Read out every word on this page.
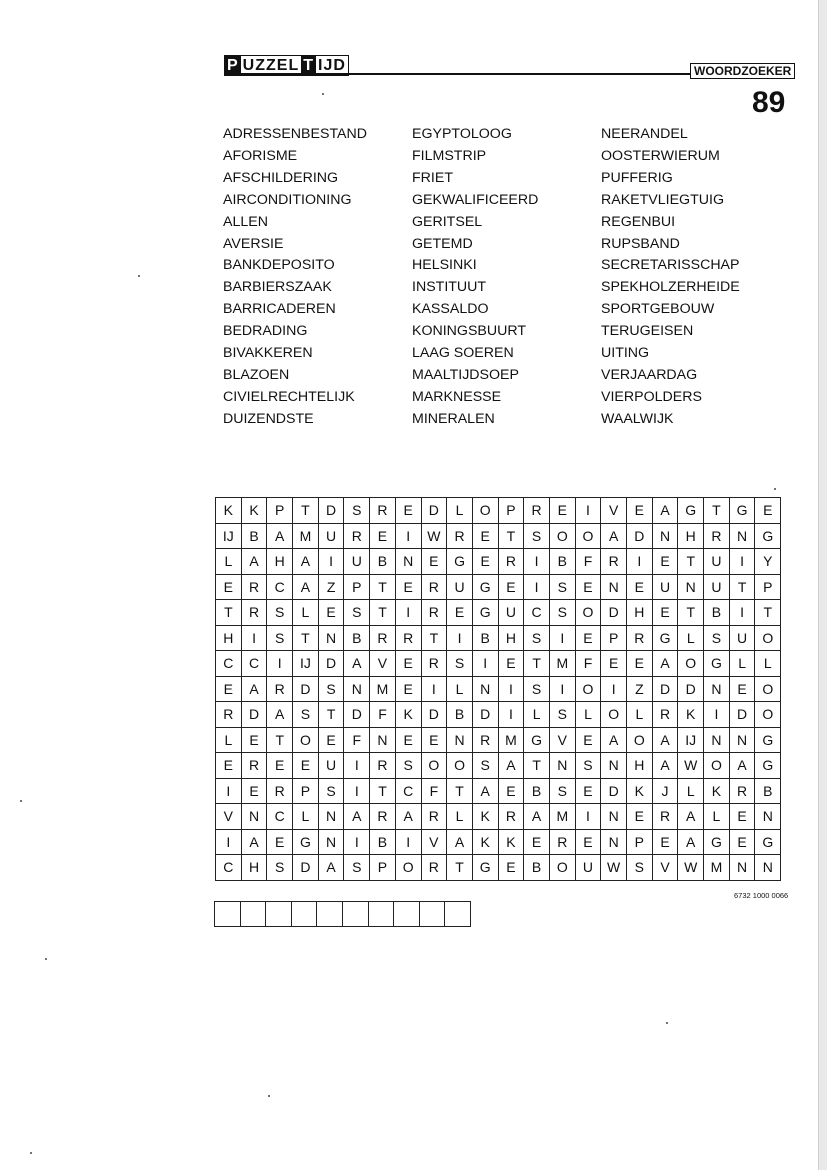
P UZZEL T IJD	WOORDZOEKER
89
ADRESSENBESTAND
AFORISME
AFSCHILDERING
AIRCONDITIONING
ALLEN
AVERSIE
BANKDEPOSITO
BARBIERSZAAK
BARRICADEREN
BEDRADING
BIVAKKEREN
BLAZOEN
CIVIELRECHTELIJK
DUIZENDSTE
EGYPTOLOOG
FILMSTRIP
FRIET
GEKWALIFICEERD
GERITSEL
GETEMD
HELSINKI
INSTITUUT
KASSALDO
KONINGSBUURT
LAAG SOEREN
MAALTIJDSOEP
MARKNESSE
MINERALEN
NEERANDEL
OOSTERWIERUM
PUFFERIG
RAKETVLIEGTUIG
REGENBUI
RUPSBAND
SECRETARISSCHAP
SPEKHOLZERHEIDE
SPORTGEBOUW
TERUGEISEN
UITING
VERJAARDAG
VIERPOLDERS
WAALWIJK
K	K	P	T	D	S	R	E	D	L	O	P	R	E	I	V	E	A	G	T	G	E
IJ	B	A	M	U	R	E	I	W	R	E	T	S	O	O	A	D	N	H	R	N	G
L	A	H	A	I	U	B	N	E	G	E	R	I	B	F	R	I	E	T	U	I	Y
E	R	C	A	Z	P	T	E	R	U	G	E	I	S	E	N	E	U	N	U	T	P
T	R	S	L	E	S	T	I	R	E	G	U	C	S	O	D	H	E	T	B	I	T
H	I	S	T	N	B	R	R	T	I	B	H	S	I	E	P	R	G	L	S	U	O
C	C	I	IJ	D	A	V	E	R	S	I	E	T	M	F	E	E	A	O	G	L	L
E	A	R	D	S	N	M	E	I	L	N	I	S	I	O	I	Z	D	D	N	E	O
R	D	A	S	T	D	F	K	D	B	D	I	L	S	L	O	L	R	K	I	D	O
L	E	T	O	E	F	N	E	E	N	R	M	G	V	E	A	O	A	IJ	N	N	G
E	R	E	E	U	I	R	S	O	O	S	A	T	N	S	N	H	A	W	O	A	G
I	E	R	P	S	I	T	C	F	T	A	E	B	S	E	D	K	J	L	K	R	B
V	N	C	L	N	A	R	A	R	L	K	R	A	M	I	N	E	R	A	L	E	N
I	A	E	G	N	I	B	I	V	A	K	K	E	R	E	N	P	E	A	G	E	G
C	H	S	D	A	S	P	O	R	T	G	E	B	O	U	W	S	V	W	M	N	N
6732 1000 0066
